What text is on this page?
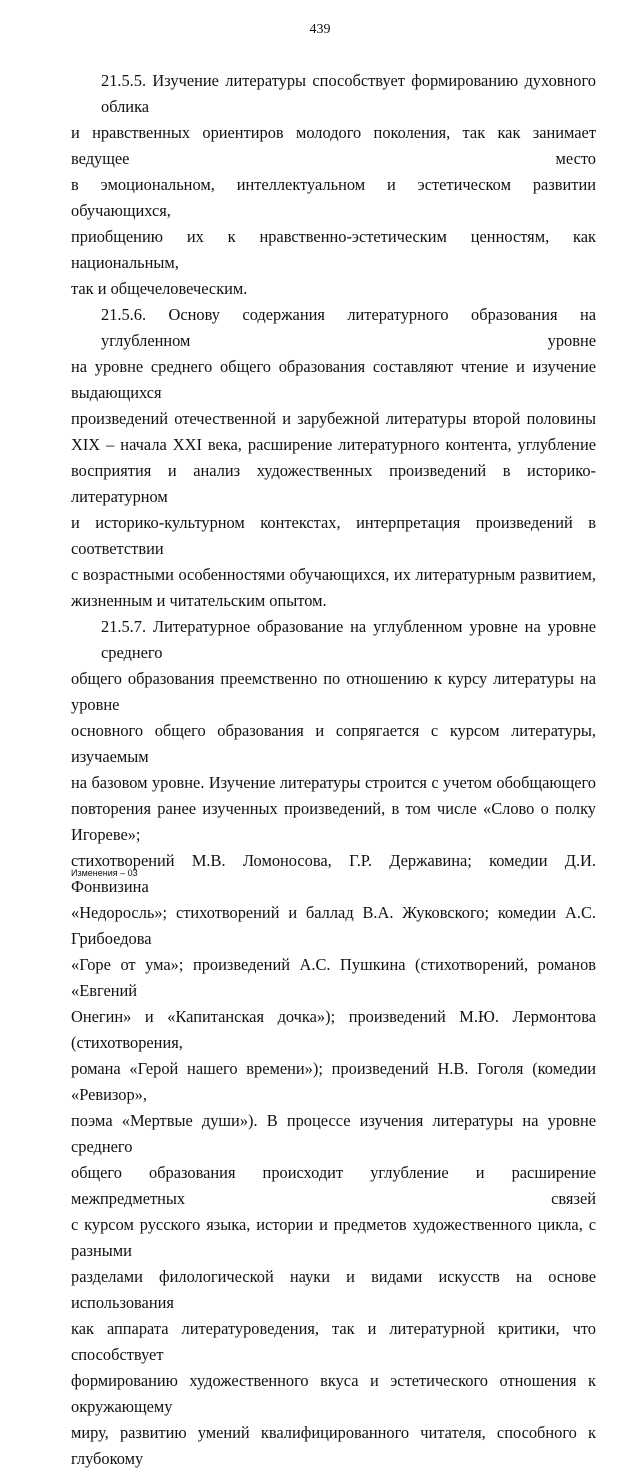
439

21.5.5. Изучение литературы способствует формированию духовного облика
и нравственных ориентиров молодого поколения, так как занимает ведущее место
в эмоциональном, интеллектуальном и эстетическом развитии обучающихся,
приобщению их к нравственно-эстетическим ценностям, как национальным,
так и общечеловеческим.

21.5.6. Основу содержания литературного образования на углубленном уровне
на уровне среднего общего образования составляют чтение и изучение выдающихся
произведений отечественной и зарубежной литературы второй половины
XIX – начала XXI века, расширение литературного контента, углубление
восприятия и анализ художественных произведений в историко-литературном
и историко-культурном контекстах, интерпретация произведений в соответствии
с возрастными особенностями обучающихся, их литературным развитием,
жизненным и читательским опытом.

21.5.7. Литературное образование на углубленном уровне на уровне среднего
общего образования преемственно по отношению к курсу литературы на уровне
основного общего образования и сопрягается с курсом литературы, изучаемым
на базовом уровне. Изучение литературы строится с учетом обобщающего
повторения ранее изученных произведений, в том числе «Слово о полку Игореве»;
стихотворений М.В. Ломоносова, Г.Р. Державина; комедии Д.И. Фонвизина
«Недоросль»; стихотворений и баллад В.А. Жуковского; комедии А.С. Грибоедова
«Горе от ума»; произведений А.С. Пушкина (стихотворений, романов «Евгений
Онегин» и «Капитанская дочка»); произведений М.Ю. Лермонтова (стихотворения,
романа «Герой нашего времени»); произведений Н.В. Гоголя (комедии «Ревизор»,
поэма «Мертвые души»). В процессе изучения литературы на уровне среднего
общего образования происходит углубление и расширение межпредметных связей
с курсом русского языка, истории и предметов художественного цикла, с разными
разделами филологической науки и видами искусств на основе использования
как аппарата литературоведения, так и литературной критики, что способствует
формированию художественного вкуса и эстетического отношения к окружающему
миру, развитию умений квалифицированного читателя, способного к глубокому

Изменения – 03
